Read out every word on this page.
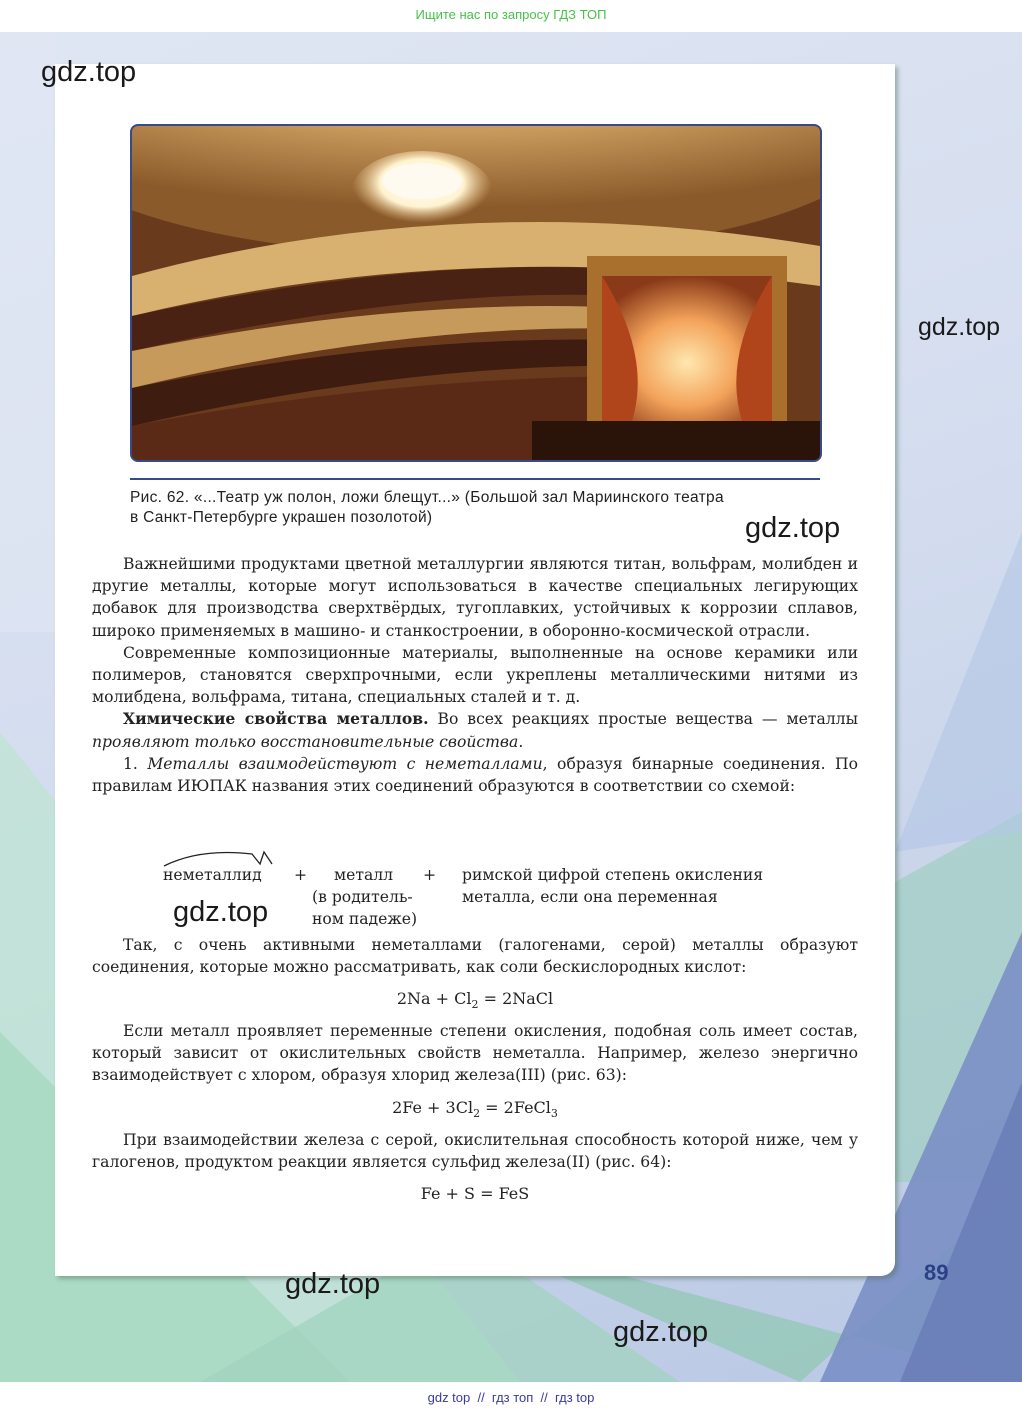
Ищите нас по запросу ГДЗ ТОП
Рис. 62. «...Театр уж полон, ложи блещут...» (Большой зал Мариинского театра
в Санкт-Петербурге украшен позолотой)

Важнейшими продуктами цветной металлургии являются титан, вольфрам, молибден и другие металлы, которые могут использоваться в качестве специальных легирующих добавок для производства сверхтвёрдых, тугоплавких, устойчивых к коррозии сплавов, широко применяемых в машино- и станкостроении, в оборонно-космической отрасли.

Современные композиционные материалы, выполненные на основе керамики или полимеров, становятся сверхпрочными, если укреплены металлическими нитями из молибдена, вольфрама, титана, специальных сталей и т. д.

Химические свойства металлов. Во всех реакциях простые вещества — металлы проявляют только восстановительные свойства.

1. Металлы взаимодействуют с неметаллами, образуя бинарные соединения. По правилам ИЮПАК названия этих соединений образуются в соответствии со схемой:

неметаллид +	металл
(в родитель-
ном падеже)
+ римской цифрой степень окисления
металла, если она переменная

Так, с очень активными неметаллами (галогенами, серой) металлы образуют соединения, которые можно рассматривать, как соли бескислородных кислот:

$2Na + Cl_2$ = 2NaCl

Если металл проявляет переменные степени окисления, подобная соль имеет состав, который зависит от окислительных свойств неметалла. Например, железо энергично взаимодействует с хлором, образуя хлорид железа(III) (рис. 63):

$2Fe + 3Cl_2$ = 2FeCl$_3$

При взаимодействии железа с серой, окислительная способность которой ниже, чем у галогенов, продуктом реакции является сульфид железа(II) (рис. 64):

Fe + S = FeS
89
gdz.top
gdz.top
gdz.top
gdz.top
gdz.top
gdz.top
gdz top  //  гдз топ  //  гдз top
